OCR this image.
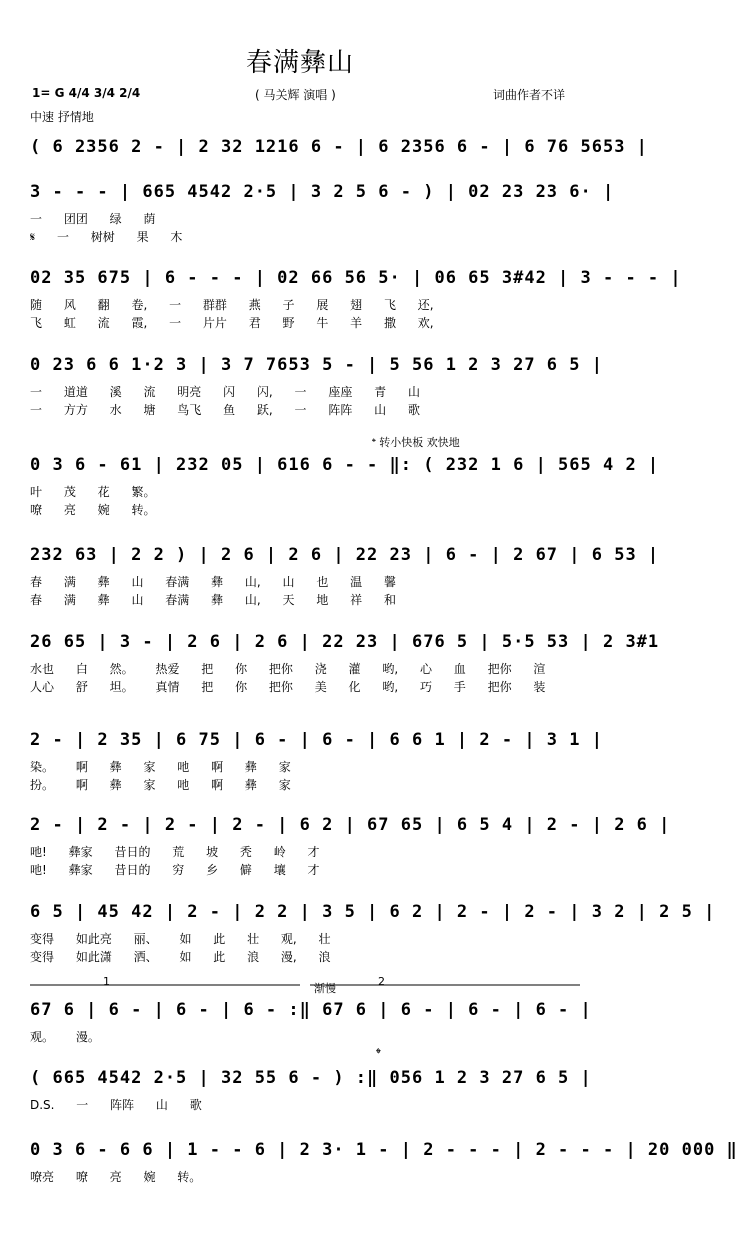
春满彝山
1= G 4/4 3/4 2/4	( 马关辉 演唱 )	词曲作者不详
中速 抒情地
𝄌 转小快板 欢快地
1	2
渐慢
𝄌
( 6 2356 2 - | 2 32 1216 6 - | 6 2356 6 - | 6 76 5653 |
3 - - - | 665 4542 2·5 | 3 2 5 6 - ) | 02 23 23 6· |
一 团团 绿 荫
𝄋 一 树树 果 木
02 35 675 | 6 - - - | 02 66 56 5· | 06 65 3#42 | 3 - - - |
随 风 翻 卷, 一 群群 燕 子 展 翅 飞 还,
飞 虹 流 霞, 一 片片 君 野 牛 羊 撒 欢,
0 23 6 6 1·2 3 | 3 7 7653 5 - | 5 56 1 2 3 27 6 5 |
一 道道 溪 流 明亮 闪 闪, 一 座座 青 山
一 方方 水 塘 鸟飞 鱼 跃, 一 阵阵 山 歌
0 3 6 - 61 | 232 05 | 616 6 - - ‖: ( 232 1 6 | 565 4 2 |
叶 茂 花 繁。
嘹 亮 婉 转。
232 63 | 2 2 ) | 2 6 | 2 6 | 22 23 | 6 - | 2 67 | 6 53 |
春 满 彝 山 春满 彝 山, 山 也 温 馨
春 满 彝 山 春满 彝 山, 天 地 祥 和
26 65 | 3 - | 2 6 | 2 6 | 22 23 | 676 5 | 5·5 53 | 2 3#1
水也 白 然。 热爱 把 你 把你 浇 灌 哟, 心 血 把你 渲
人心 舒 坦。 真情 把 你 把你 美 化 哟, 巧 手 把你 装
2 - | 2 35 | 6 75 | 6 - | 6 - | 6 6 1 | 2 - | 3 1 |
染。 啊 彝 家 吔 啊 彝 家
扮。 啊 彝 家 吔 啊 彝 家
2 - | 2 - | 2 - | 2 - | 6 2 | 67 65 | 6 5 4 | 2 - | 2 6 |
吔! 彝家 昔日的 荒 坡 秃 岭 才
吔! 彝家 昔日的 穷 乡 僻 壤 才
6 5 | 45 42 | 2 - | 2 2 | 3 5 | 6 2 | 2 - | 2 - | 3 2 | 2 5 |
变得 如此亮 丽、 如 此 壮 观, 壮
变得 如此潇 洒、 如 此 浪 漫, 浪
67 6 | 6 - | 6 - | 6 - :‖ 67 6 | 6 - | 6 - | 6 - |
观。 漫。
( 665 4542 2·5 | 32 55 6 - ) :‖ 056 1 2 3 27 6 5 |
D.S. 一 阵阵 山 歌
0 3 6 - 6 6 | 1 - - 6 | 2 3· 1 - | 2 - - - | 2 - - - | 20 000 ‖
嘹亮 嘹 亮 婉 转。
